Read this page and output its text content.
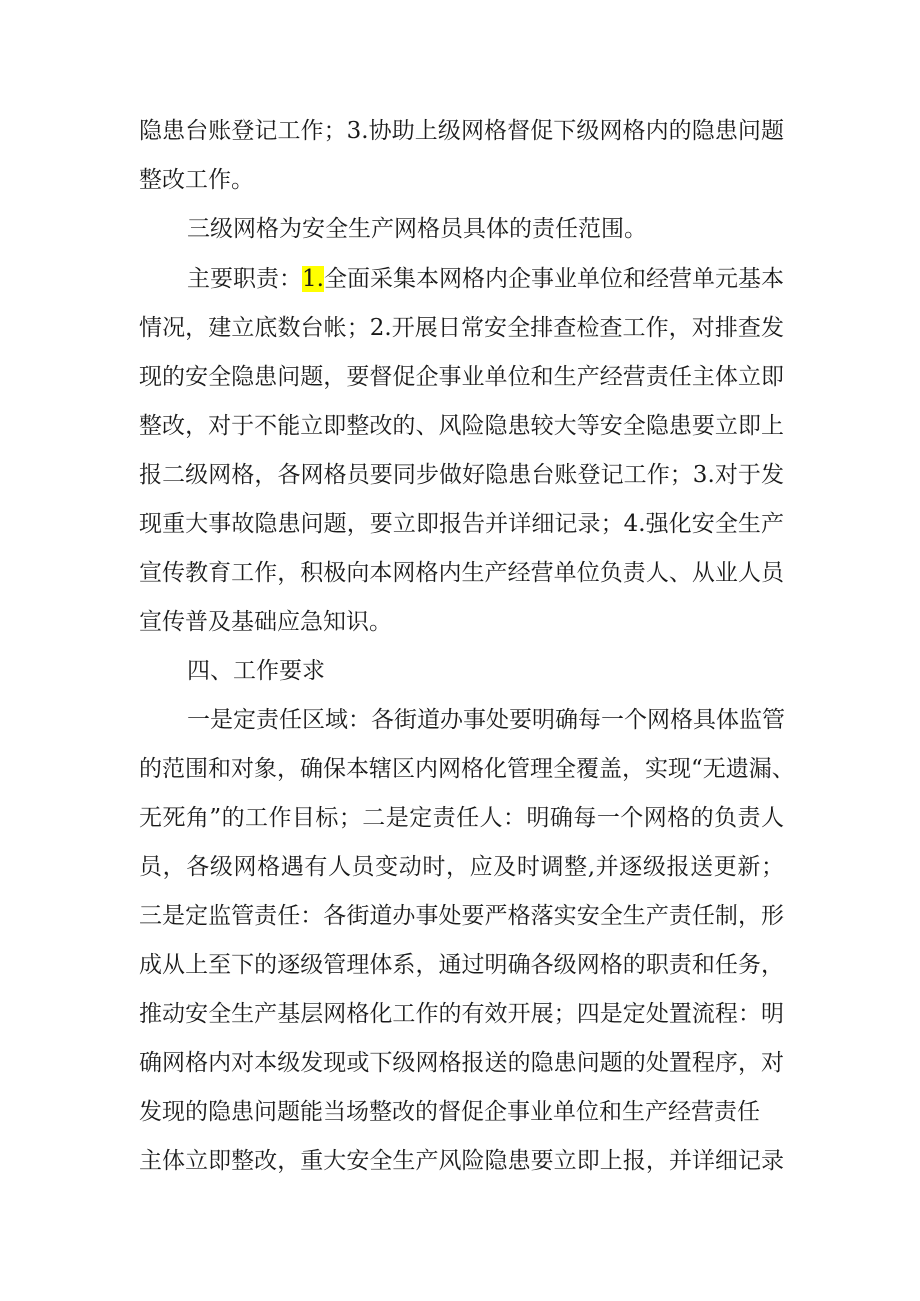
隐患台账登记工作；3.协助上级网格督促下级网格内的隐患问题
整改工作。
三级网格为安全生产网格员具体的责任范围。
主要职责：1.全面采集本网格内企事业单位和经营单元基本
情况，建立底数台帐；2.开展日常安全排查检查工作，对排查发
现的安全隐患问题，要督促企事业单位和生产经营责任主体立即
整改，对于不能立即整改的、风险隐患较大等安全隐患要立即上
报二级网格，各网格员要同步做好隐患台账登记工作；3.对于发
现重大事故隐患问题，要立即报告并详细记录；4.强化安全生产
宣传教育工作，积极向本网格内生产经营单位负责人、从业人员
宣传普及基础应急知识。
四、工作要求
一是定责任区域：各街道办事处要明确每一个网格具体监管
的范围和对象，确保本辖区内网格化管理全覆盖，实现“无遗漏、
无死角”的工作目标；二是定责任人：明确每一个网格的负责人
员，各级网格遇有人员变动时，应及时调整,并逐级报送更新；
三是定监管责任：各街道办事处要严格落实安全生产责任制，形
成从上至下的逐级管理体系，通过明确各级网格的职责和任务，
推动安全生产基层网格化工作的有效开展；四是定处置流程：明
确网格内对本级发现或下级网格报送的隐患问题的处置程序，对
发现的隐患问题能当场整改的督促企事业单位和生产经营责任
主体立即整改，重大安全生产风险隐患要立即上报，并详细记录
